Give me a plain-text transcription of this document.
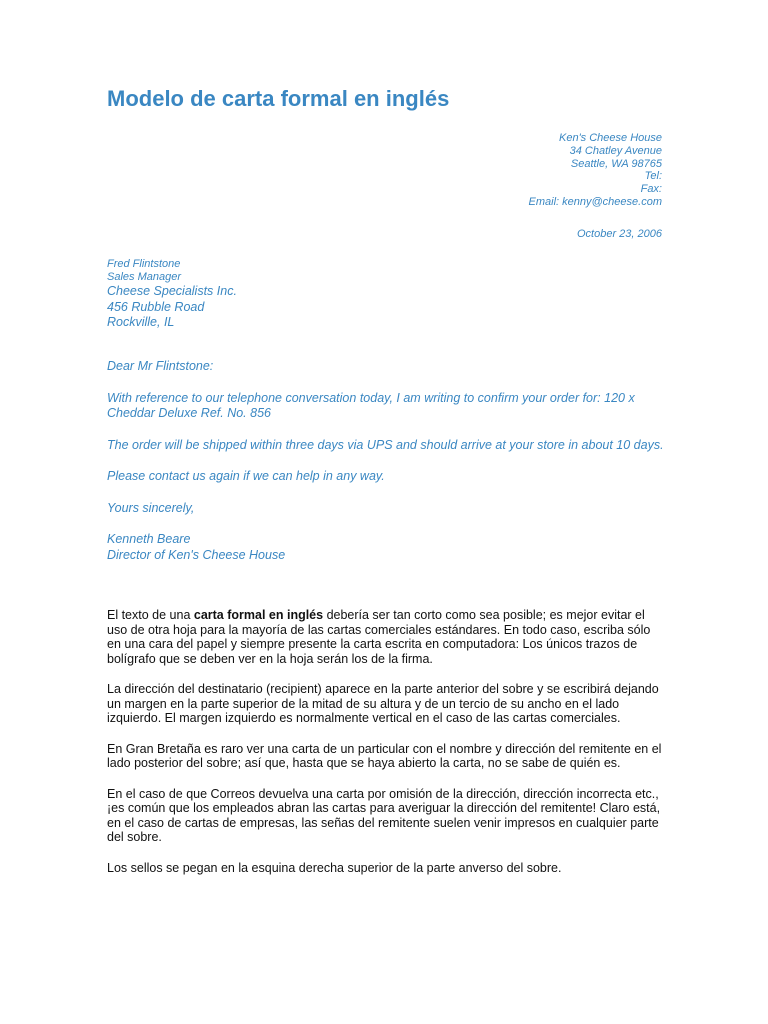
Modelo de carta formal en inglés
Ken's Cheese House
34 Chatley Avenue
Seattle, WA 98765
Tel:
Fax:
Email: kenny@cheese.com
October 23, 2006
Fred Flintstone
Sales Manager
Cheese Specialists Inc.
456 Rubble Road
Rockville, IL

Dear Mr Flintstone:

With reference to our telephone conversation today, I am writing to confirm your order for: 120 x Cheddar Deluxe Ref. No. 856

The order will be shipped within three days via UPS and should arrive at your store in about 10 days.

Please contact us again if we can help in any way.

Yours sincerely,

Kenneth Beare
Director of Ken's Cheese House

El texto de una carta formal en inglés debería ser tan corto como sea posible; es mejor evitar el uso de otra hoja para la mayoría de las cartas comerciales estándares. En todo caso, escriba sólo en una cara del papel y siempre presente la carta escrita en computadora: Los únicos trazos de bolígrafo que se deben ver en la hoja serán los de la firma.

La dirección del destinatario (recipient) aparece en la parte anterior del sobre y se escribirá dejando un margen en la parte superior de la mitad de su altura y de un tercio de su ancho en el lado izquierdo. El margen izquierdo es normalmente vertical en el caso de las cartas comerciales.

En Gran Bretaña es raro ver una carta de un particular con el nombre y dirección del remitente en el lado posterior del sobre; así que, hasta que se haya abierto la carta, no se sabe de quién es.

En el caso de que Correos devuelva una carta por omisión de la dirección, dirección incorrecta etc., ¡es común que los empleados abran las cartas para averiguar la dirección del remitente! Claro está, en el caso de cartas de empresas, las señas del remitente suelen venir impresos en cualquier parte del sobre.

Los sellos se pegan en la esquina derecha superior de la parte anverso del sobre.
